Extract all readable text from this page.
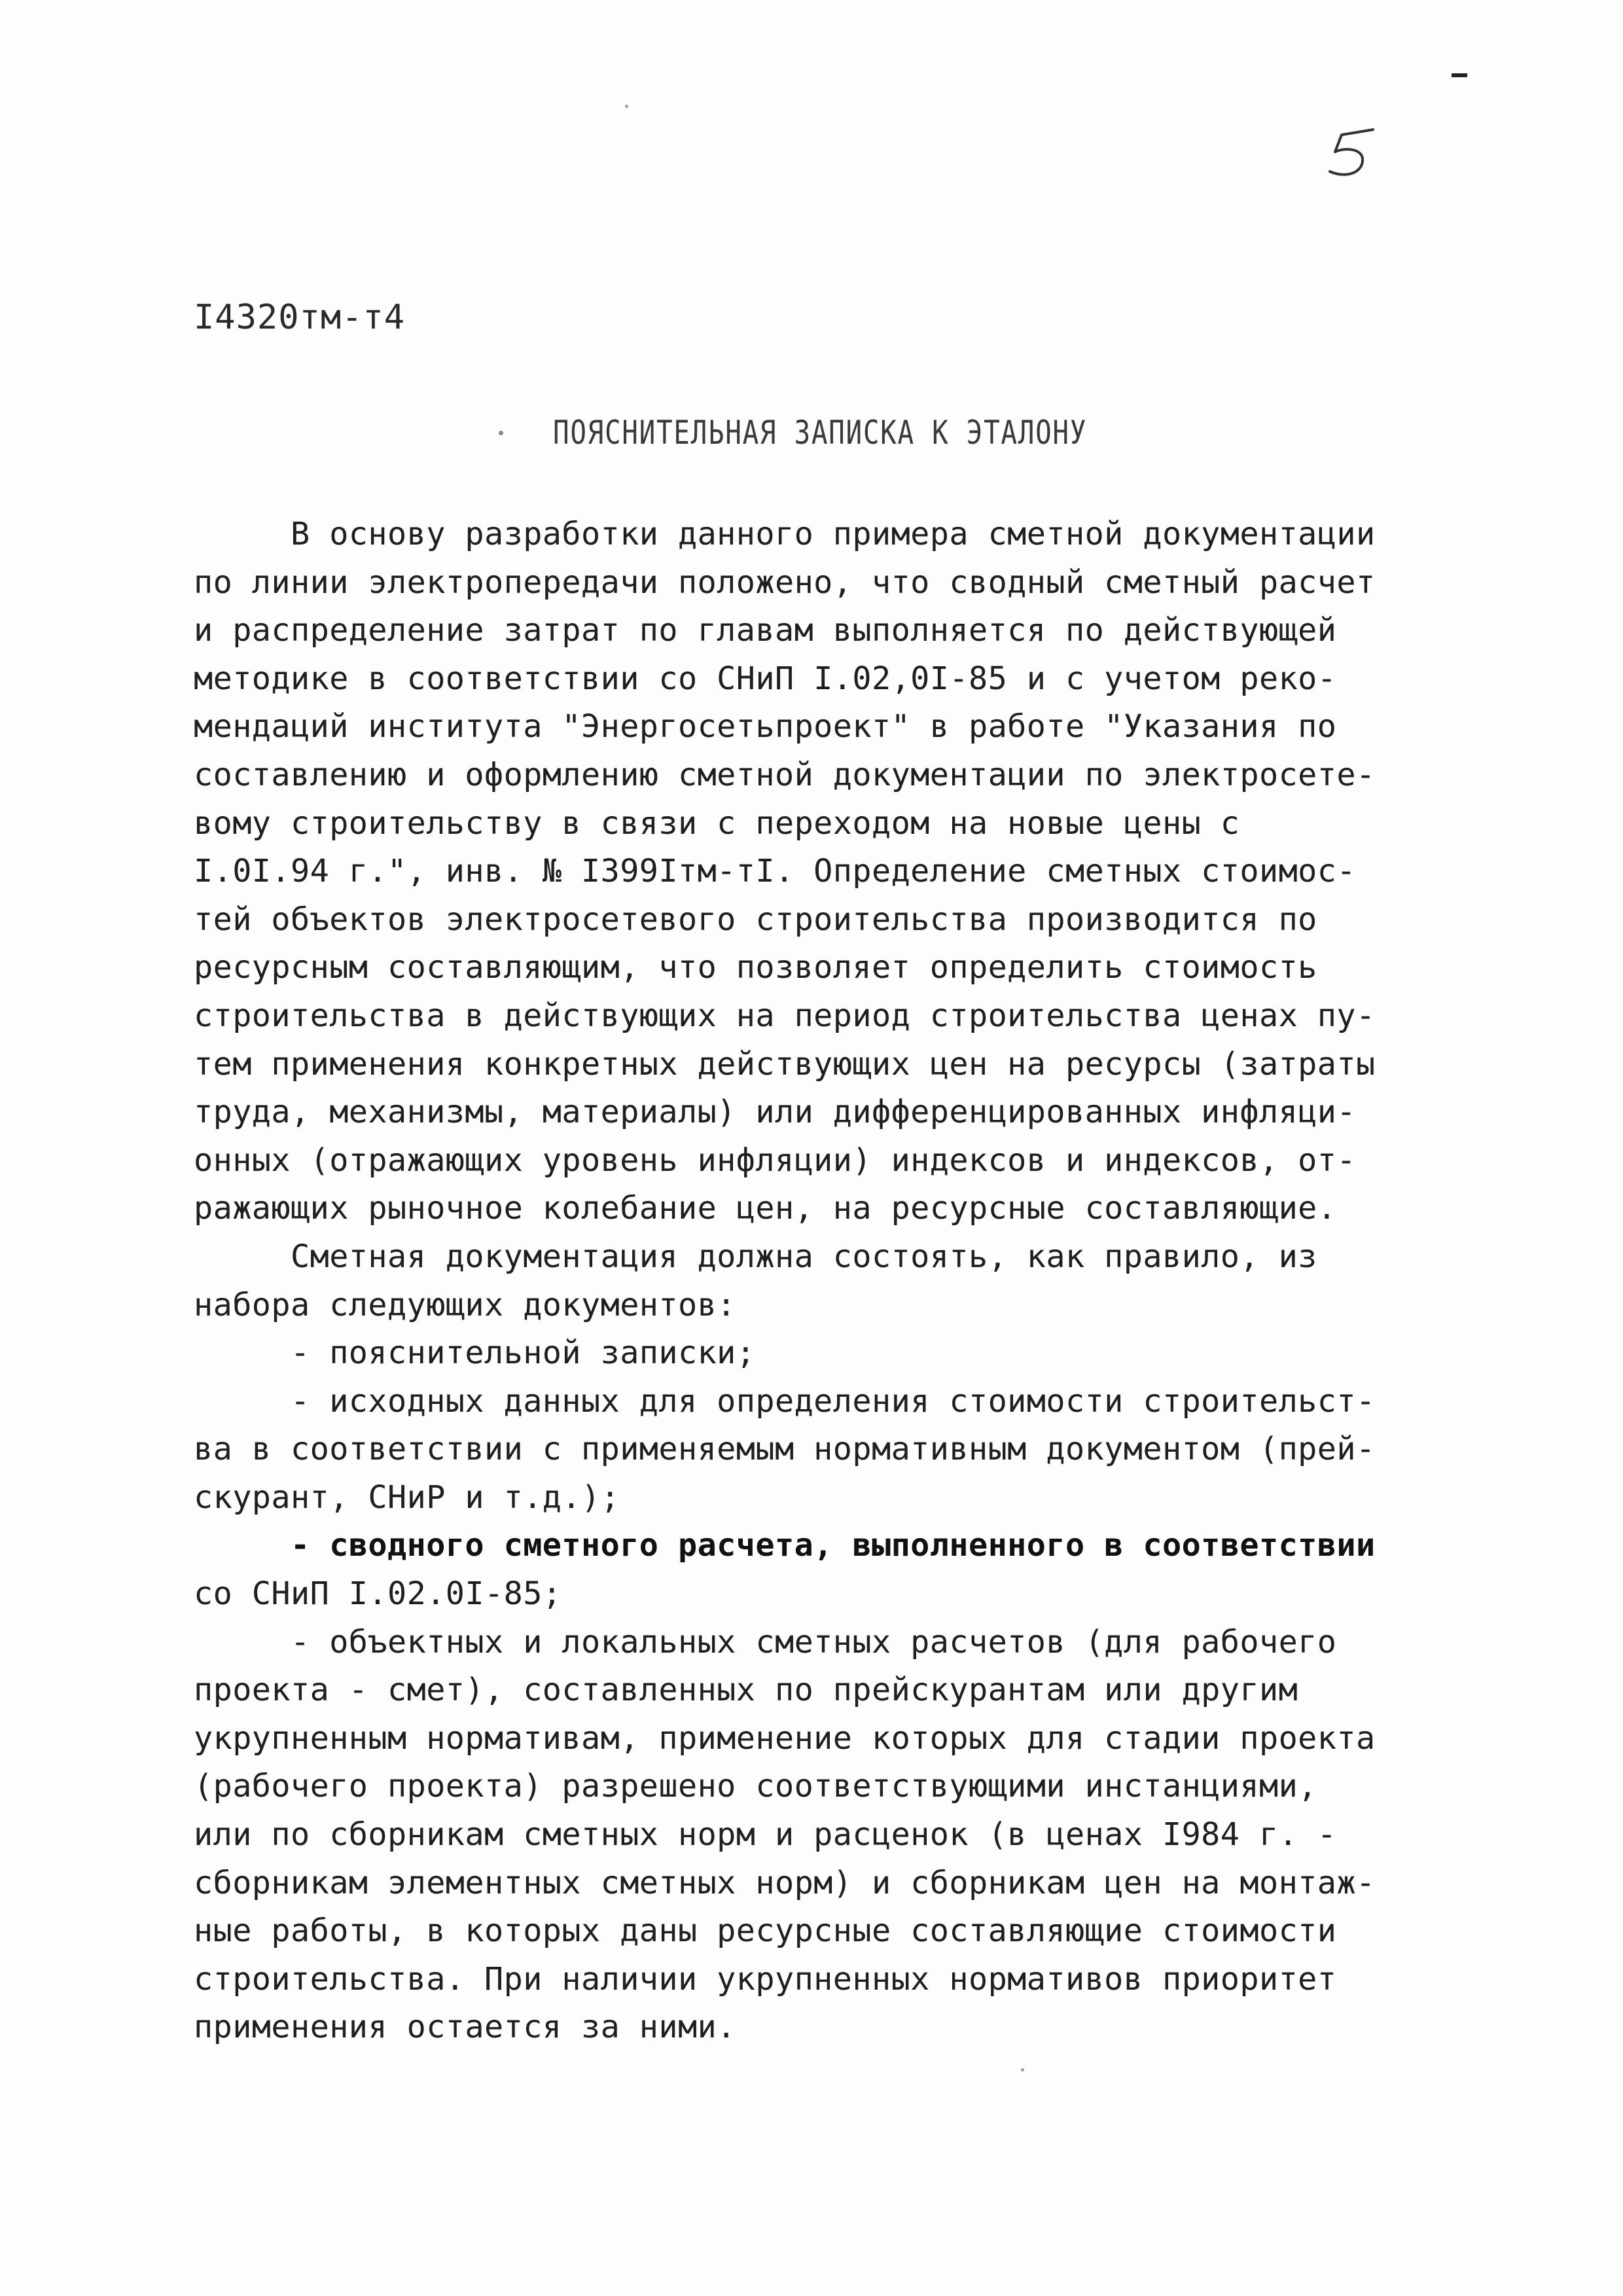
I4320тм-т4
ПОЯСНИТЕЛЬНАЯ ЗАПИСКА К ЭТАЛОНУ
В основу разработки данного примера сметной документации
по линии электропередачи положено, что сводный сметный расчет
и распределение затрат по главам выполняется по действующей
методике в соответствии со СНиП I.02,0I-85 и с учетом реко-
мендаций института "Энергосетьпроект" в работе "Указания по
составлению и оформлению сметной документации по электросете-
вому строительству в связи с переходом на новые цены с
I.0I.94 г.", инв. № I399Iтм-тI. Определение сметных стоимос-
тей объектов электросетевого строительства производится по
ресурсным составляющим, что позволяет определить стоимость
строительства в действующих на период строительства ценах пу-
тем применения конкретных действующих цен на ресурсы (затраты
труда, механизмы, материалы) или дифференцированных инфляци-
онных (отражающих уровень инфляции) индексов и индексов, от-
ражающих рыночное колебание цен, на ресурсные составляющие.
Сметная документация должна состоять, как правило, из
набора следующих документов:
- пояснительной записки;
- исходных данных для определения стоимости строительст-
ва в соответствии с применяемым нормативным документом (прей-
скурант, СНиР и т.д.);
- сводного сметного расчета, выполненного в соответствии
со СНиП I.02.0I-85;
- объектных и локальных сметных расчетов (для рабочего
проекта - смет), составленных по прейскурантам или другим
укрупненным нормативам, применение которых для стадии проекта
(рабочего проекта) разрешено соответствующими инстанциями,
или по сборникам сметных норм и расценок (в ценах I984 г. -
сборникам элементных сметных норм) и сборникам цен на монтаж-
ные работы, в которых даны ресурсные составляющие стоимости
строительства. При наличии укрупненных нормативов приоритет
применения остается за ними.
